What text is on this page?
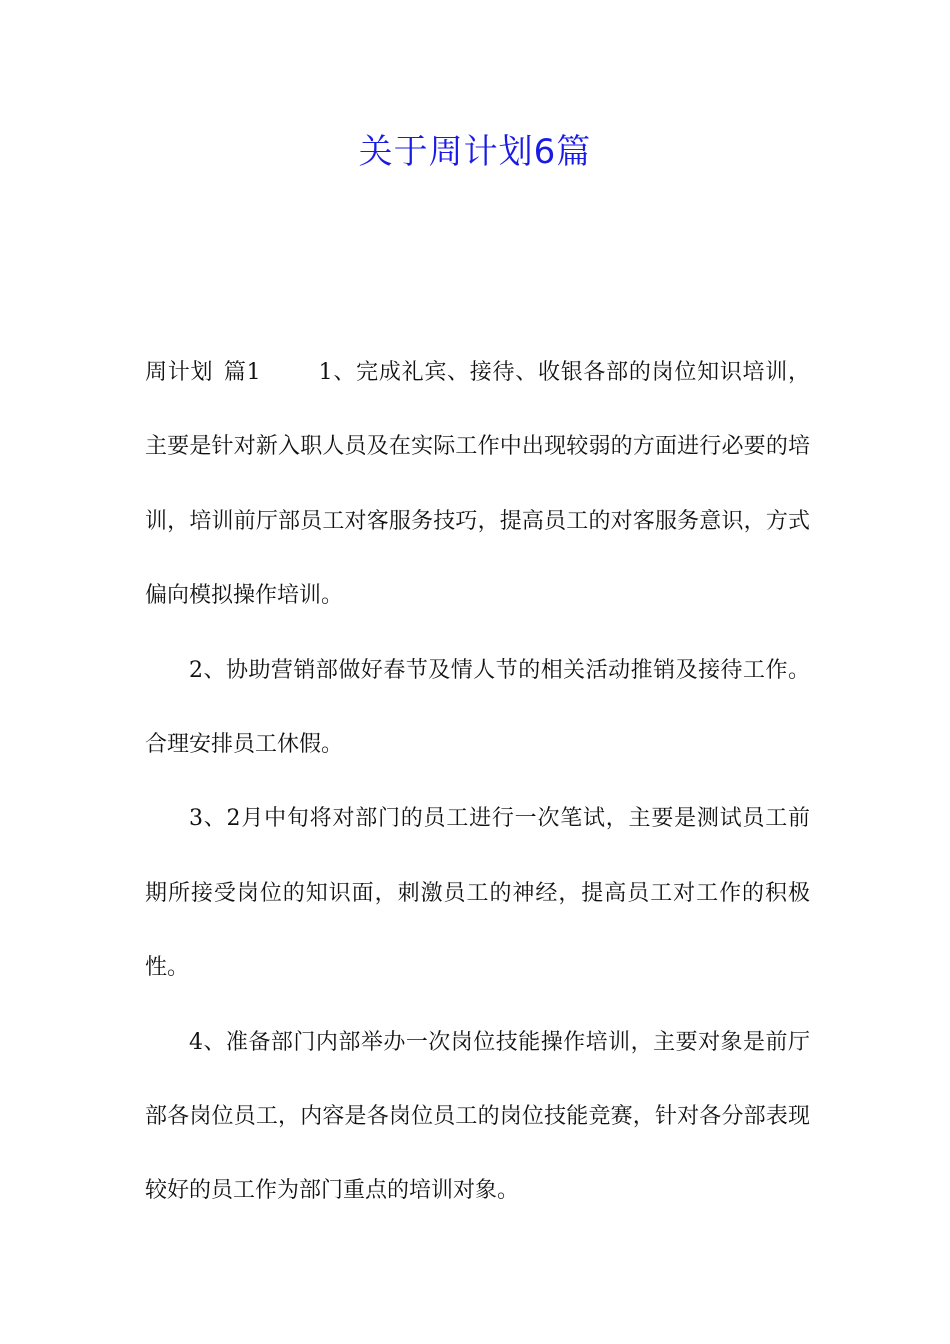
关于周计划6篇

周计划 篇1	1、完成礼宾、接待、收银各部的岗位知识培训，主要是针对新入职人员及在实际工作中出现较弱的方面进行必要的培训，培训前厅部员工对客服务技巧，提高员工的对客服务意识，方式偏向模拟操作培训。

2、协助营销部做好春节及情人节的相关活动推销及接待工作。合理安排员工休假。

3、2月中旬将对部门的员工进行一次笔试，主要是测试员工前期所接受岗位的知识面，刺激员工的神经，提高员工对工作的积极性。

4、准备部门内部举办一次岗位技能操作培训，主要对象是前厅部各岗位员工，内容是各岗位员工的岗位技能竞赛，针对各分部表现较好的员工作为部门重点的培训对象。
